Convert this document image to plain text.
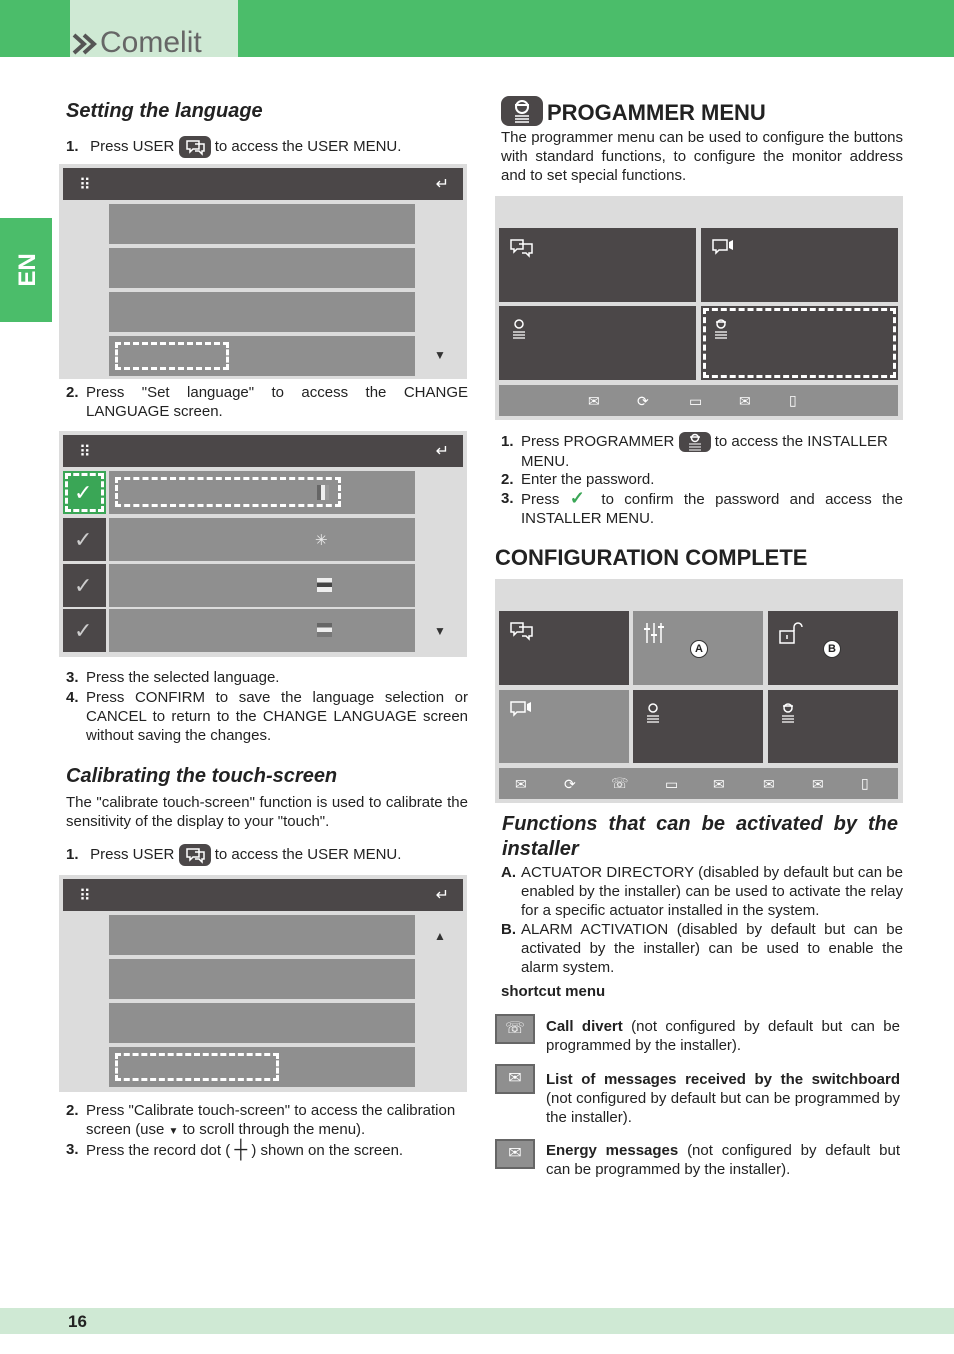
Comelit
EN
Setting the language
1. Press USER	to access the USER MENU.
⠿	↵
▼
2. Press "Set language" to access the CHANGE LANGUAGE screen.
⠿	↵
✓
✓	✳
✓
✓	▼
3. Press the selected language.
4. Press CONFIRM to save the language selection or CANCEL to return to the CHANGE LANGUAGE screen without saving the changes.
Calibrating the touch-screen
The "calibrate touch-screen" function is used to calibrate the sensitivity of the display to your "touch".
1. Press USER	to access the USER MENU.
⠿	↵
▲
2. Press "Calibrate touch-screen" to access the calibration screen (use ▼ to scroll through the menu).
3. Press the record dot ( ┼ ) shown on the screen.
PROGAMMER MENU
The programmer menu can be used to configure the buttons with standard functions, to configure the monitor address and to set special functions.
✉	⟳	▭	✉	▯
1. Press PROGRAMMER	to access the INSTALLER MENU.
2. Enter the password.
3. Press ✓ to confirm the password and access the INSTALLER MENU.
CONFIGURATION COMPLETE
A	B
✉	⟳	☏	▭ ✉	✉	✉	▯
Functions that can be activated by the installer
A. ACTUATOR DIRECTORY (disabled by default but can be enabled by the installer) can be used to activate the relay for a specific actuator installed in the system.
B. ALARM ACTIVATION (disabled by default but can be activated by the installer) can be used to enable the alarm system.
shortcut menu
☏	Call divert (not configured by default but can be programmed by the installer).
✉	List of messages received by the switchboard (not configured by default but can be programmed by the installer).
✉	Energy messages (not configured by default but can be programmed by the installer).
16
